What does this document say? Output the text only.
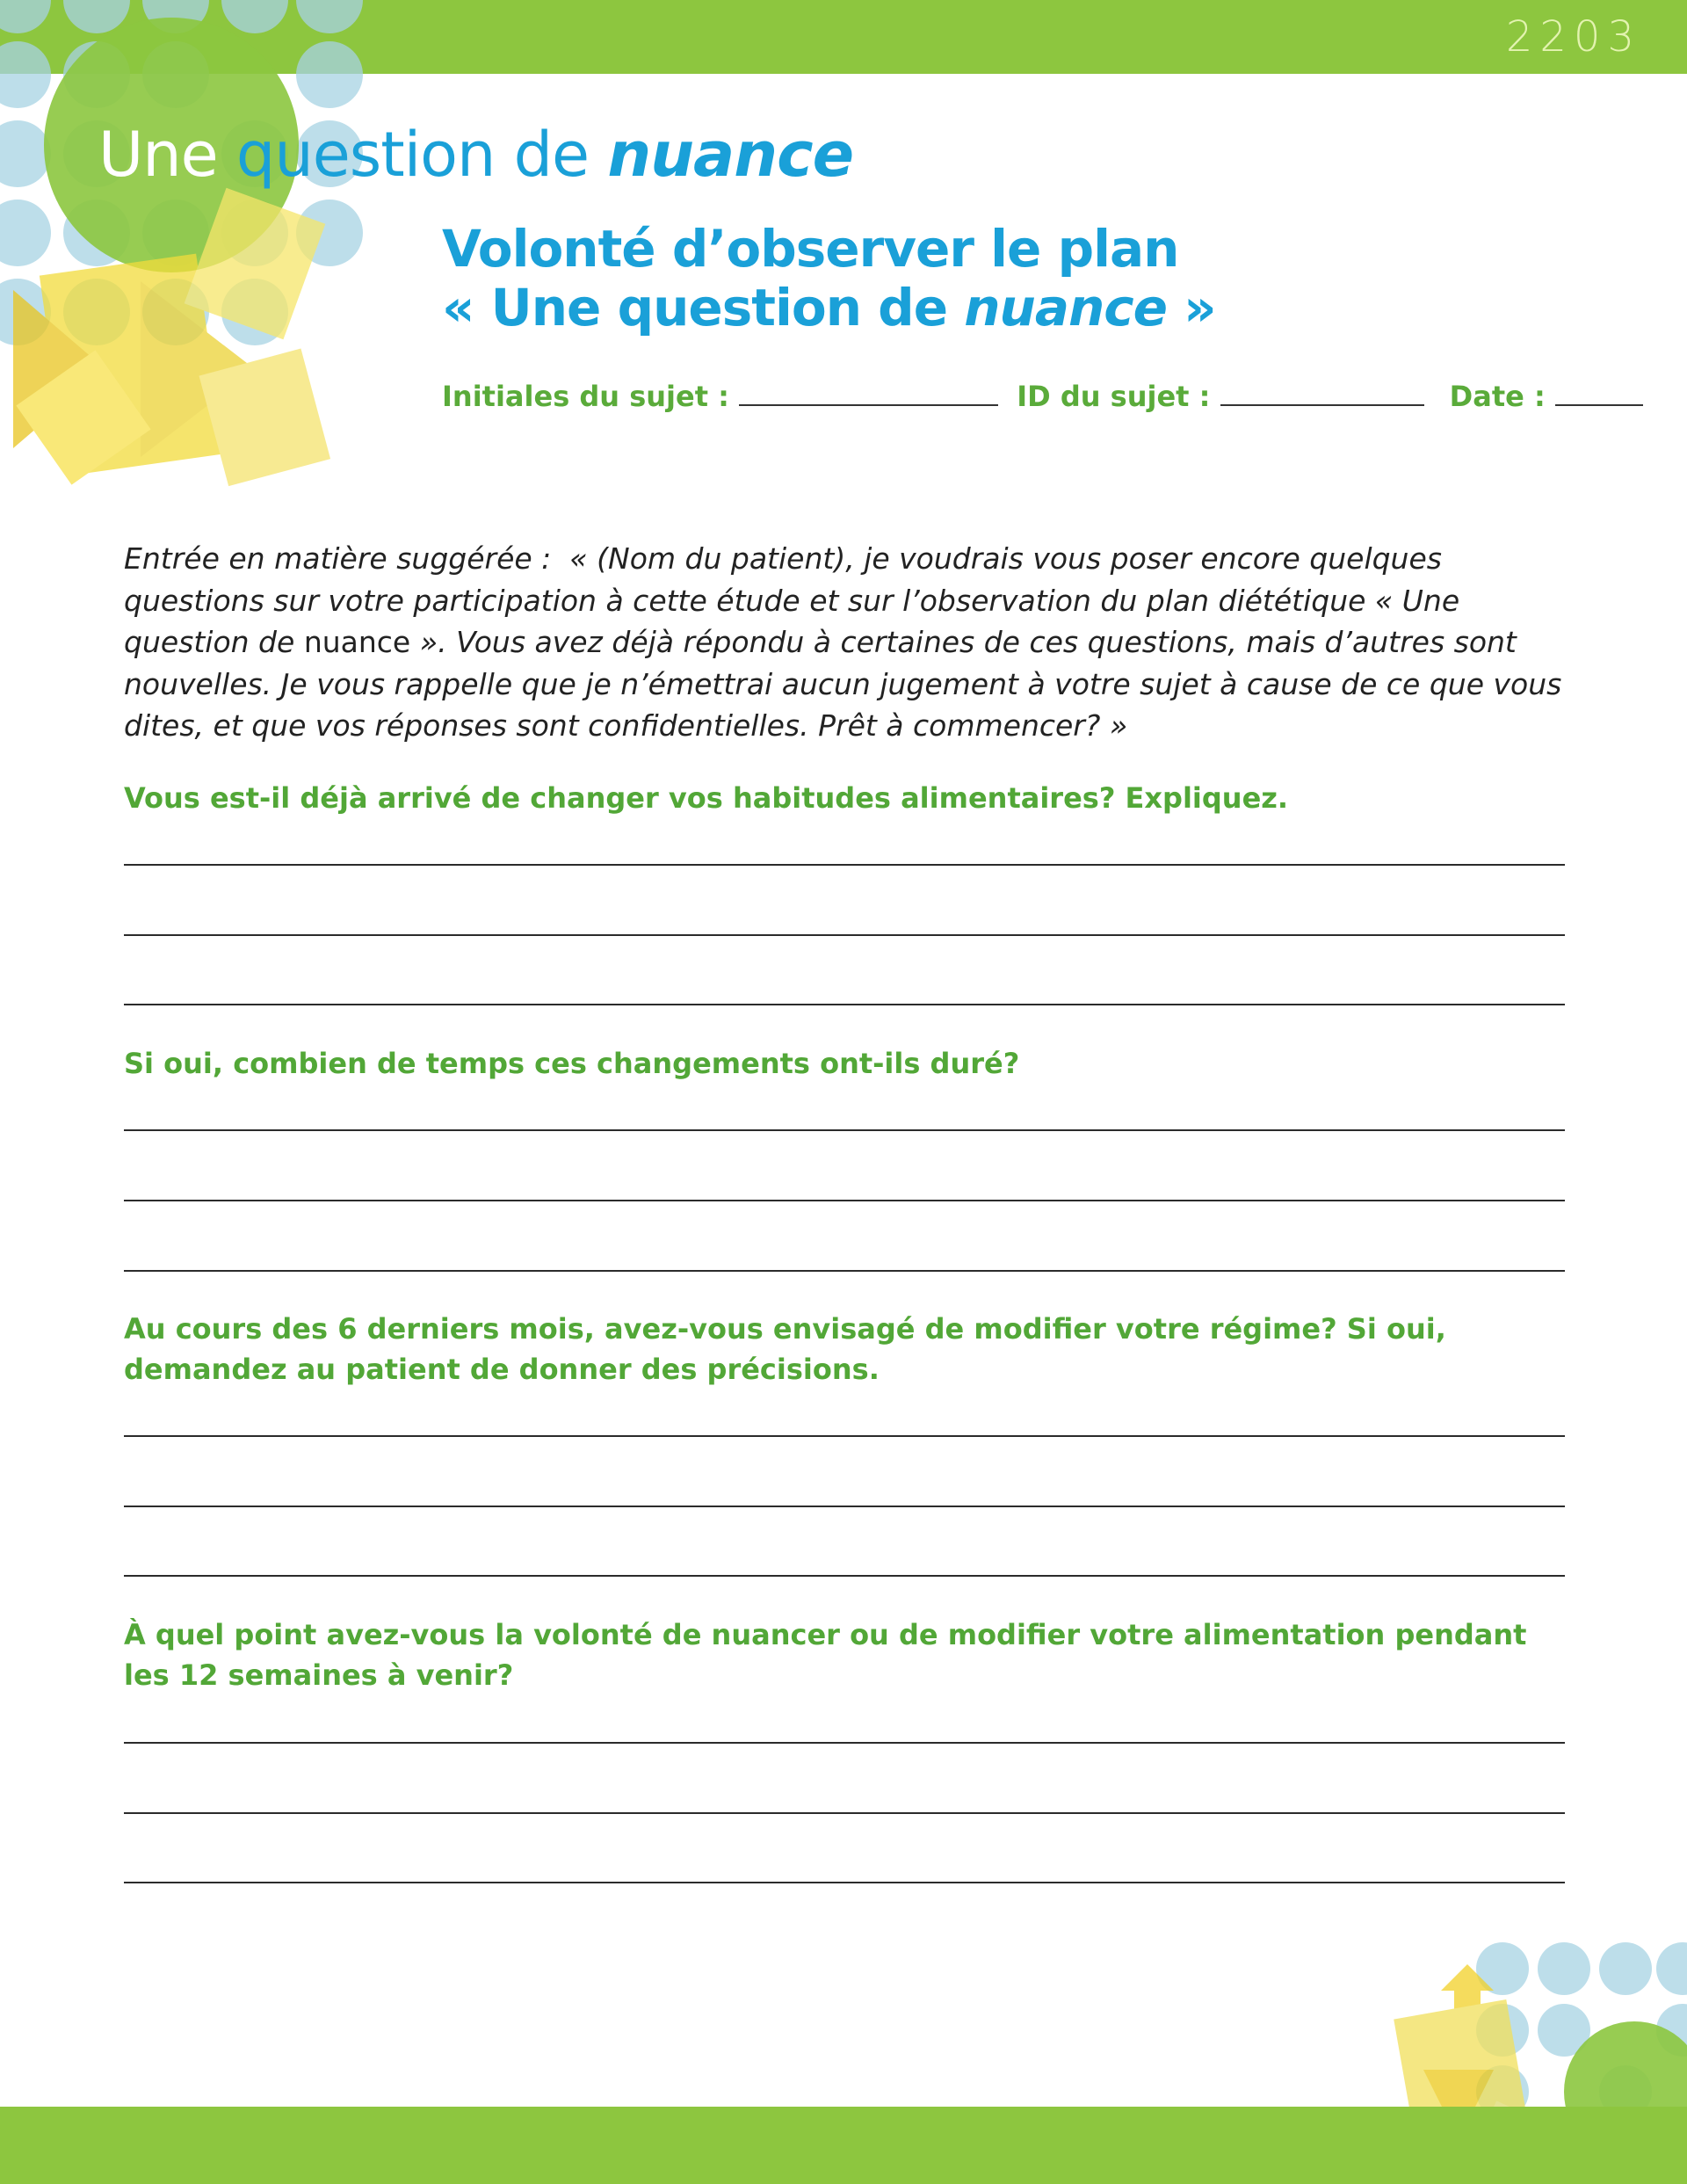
2203
Une question de nuance
Volonté d’observer le plan
« Une question de nuance »
Initiales du sujet :	ID du sujet :	Date :
Entrée en matière suggérée : « (Nom du patient), je voudrais vous poser encore quelques questions sur votre participation à cette étude et sur l’observation du plan diététique « Une question de nuance ». Vous avez déjà répondu à certaines de ces questions, mais d’autres sont nouvelles. Je vous rappelle que je n’émettrai aucun jugement à votre sujet à cause de ce que vous dites, et que vos réponses sont confidentielles. Prêt à commencer? »
Vous est-il déjà arrivé de changer vos habitudes alimentaires? Expliquez.
Si oui, combien de temps ces changements ont-ils duré?
Au cours des 6 derniers mois, avez-vous envisagé de modifier votre régime? Si oui, demandez au patient de donner des précisions.
À quel point avez-vous la volonté de nuancer ou de modifier votre alimentation pendant les 12 semaines à venir?
